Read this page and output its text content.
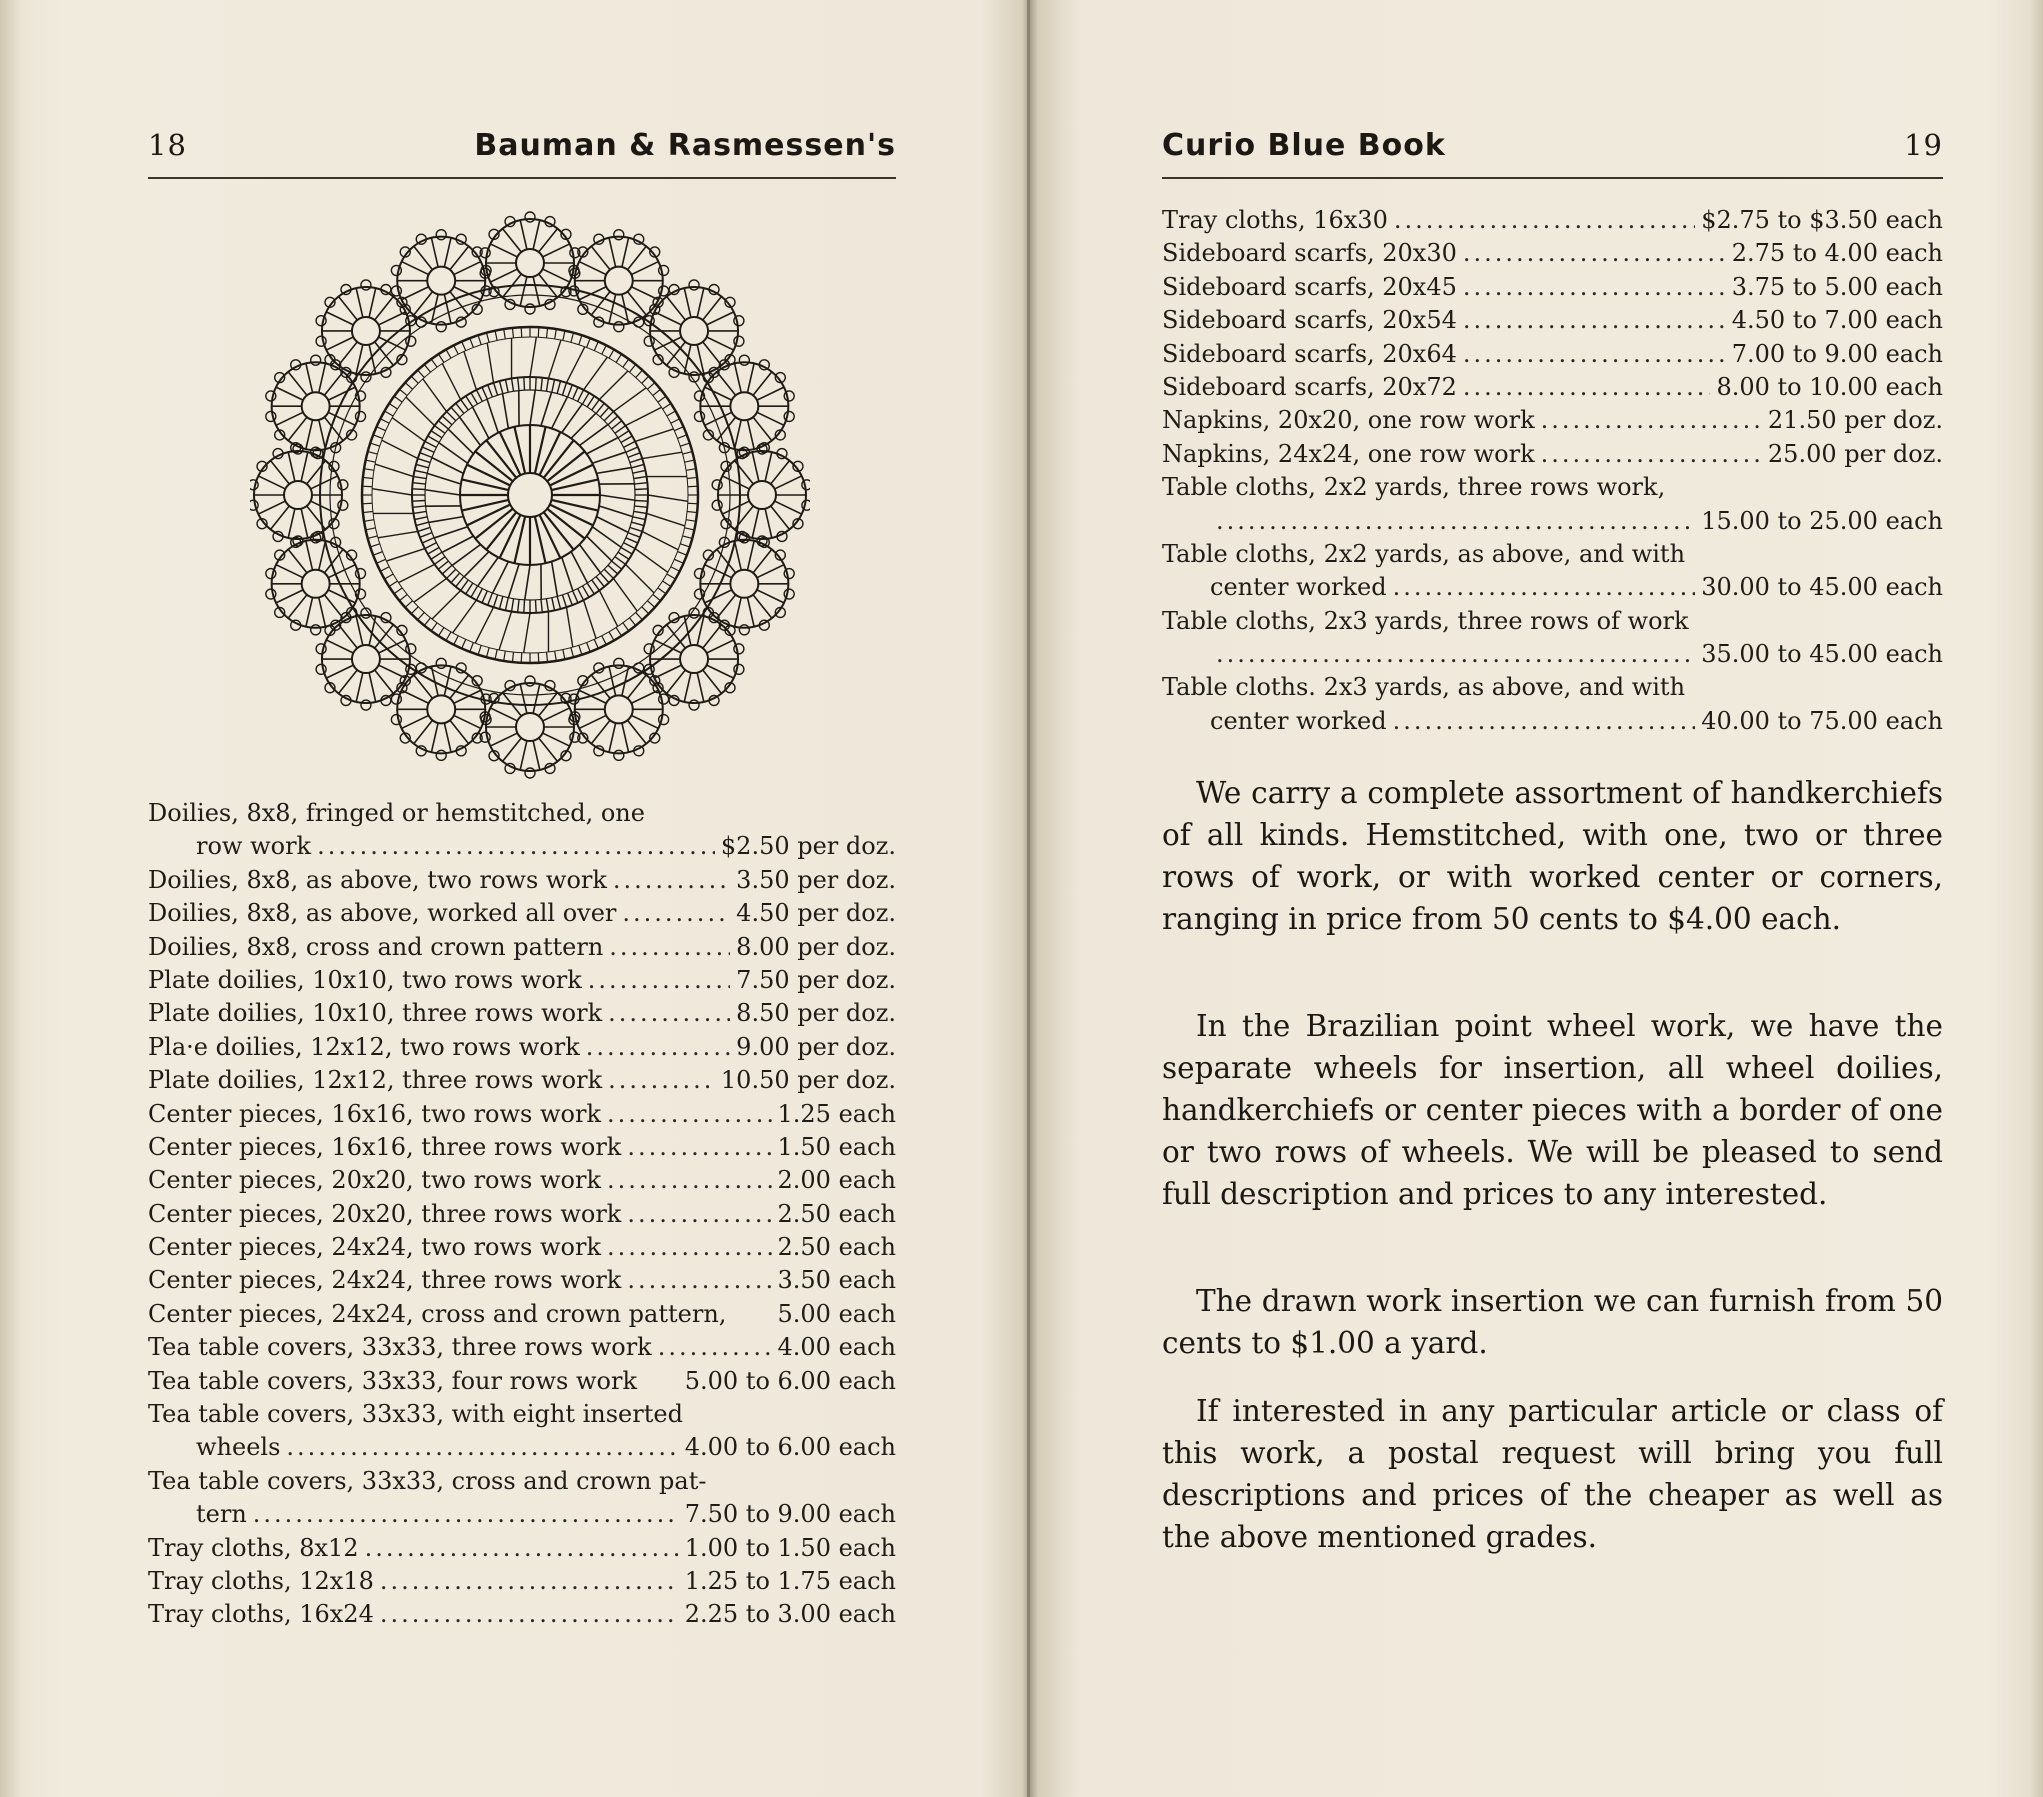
18	Bauman & Rasmessen's
Doilies, 8x8, fringed or hemstitched, one
row work .....	$2.50 per doz.
Doilies, 8x8, as above, two rows work .....	3.50 per doz.
Doilies, 8x8, as above, worked all over .....	4.50 per doz.
Doilies, 8x8, cross and crown pattern .....	8.00 per doz.
Plate doilies, 10x10, two rows work .....	7.50 per doz.
Plate doilies, 10x10, three rows work .....	8.50 per doz.
Pla·e doilies, 12x12, two rows work .....	9.00 per doz.
Plate doilies, 12x12, three rows work .....	10.50 per doz.
Center pieces, 16x16, two rows work .....	1.25 each
Center pieces, 16x16, three rows work .....	1.50 each
Center pieces, 20x20, two rows work .....	2.00 each
Center pieces, 20x20, three rows work .....	2.50 each
Center pieces, 24x24, two rows work .....	2.50 each
Center pieces, 24x24, three rows work .....	3.50 each
Center pieces, 24x24, cross and crown pattern, 5.00 each
Tea table covers, 33x33, three rows work .....	4.00 each
Tea table covers, 33x33, four rows work 5.00 to 6.00 each
Tea table covers, 33x33, with eight inserted
wheels .....	4.00 to 6.00 each
Tea table covers, 33x33, cross and crown pat-
tern .....	7.50 to 9.00 each
Tray cloths, 8x12 .....	1.00 to 1.50 each
Tray cloths, 12x18 .....	1.25 to 1.75 each
Tray cloths, 16x24 .....	2.25 to 3.00 each
Curio Blue Book	19
Tray cloths, 16x30 .....	$2.75 to $3.50 each
Sideboard scarfs, 20x30 .....	2.75 to 4.00 each
Sideboard scarfs, 20x45 .....	3.75 to 5.00 each
Sideboard scarfs, 20x54 .....	4.50 to 7.00 each
Sideboard scarfs, 20x64 .....	7.00 to 9.00 each
Sideboard scarfs, 20x72 .....	8.00 to 10.00 each
Napkins, 20x20, one row work .....	21.50 per doz.
Napkins, 24x24, one row work .....	25.00 per doz.
Table cloths, 2x2 yards, three rows work,
.....
15.00 to 25.00 each
Table cloths, 2x2 yards, as above, and with
center worked .....	30.00 to 45.00 each
Table cloths, 2x3 yards, three rows of work
.....
35.00 to 45.00 each
Table cloths. 2x3 yards, as above, and with
center worked .....	40.00 to 75.00 each

We carry a complete assortment of handkerchiefs of all kinds. Hemstitched, with one, two or three rows of work, or with worked center or corners, ranging in price from 50 cents to $4.00 each.

In the Brazilian point wheel work, we have the separate wheels for insertion, all wheel doilies, handkerchiefs or center pieces with a border of one or two rows of wheels. We will be pleased to send full description and prices to any interested.

The drawn work insertion we can furnish from 50 cents to $1.00 a yard.

If interested in any particular article or class of this work, a postal request will bring you full descriptions and prices of the cheaper as well as the above mentioned grades.
